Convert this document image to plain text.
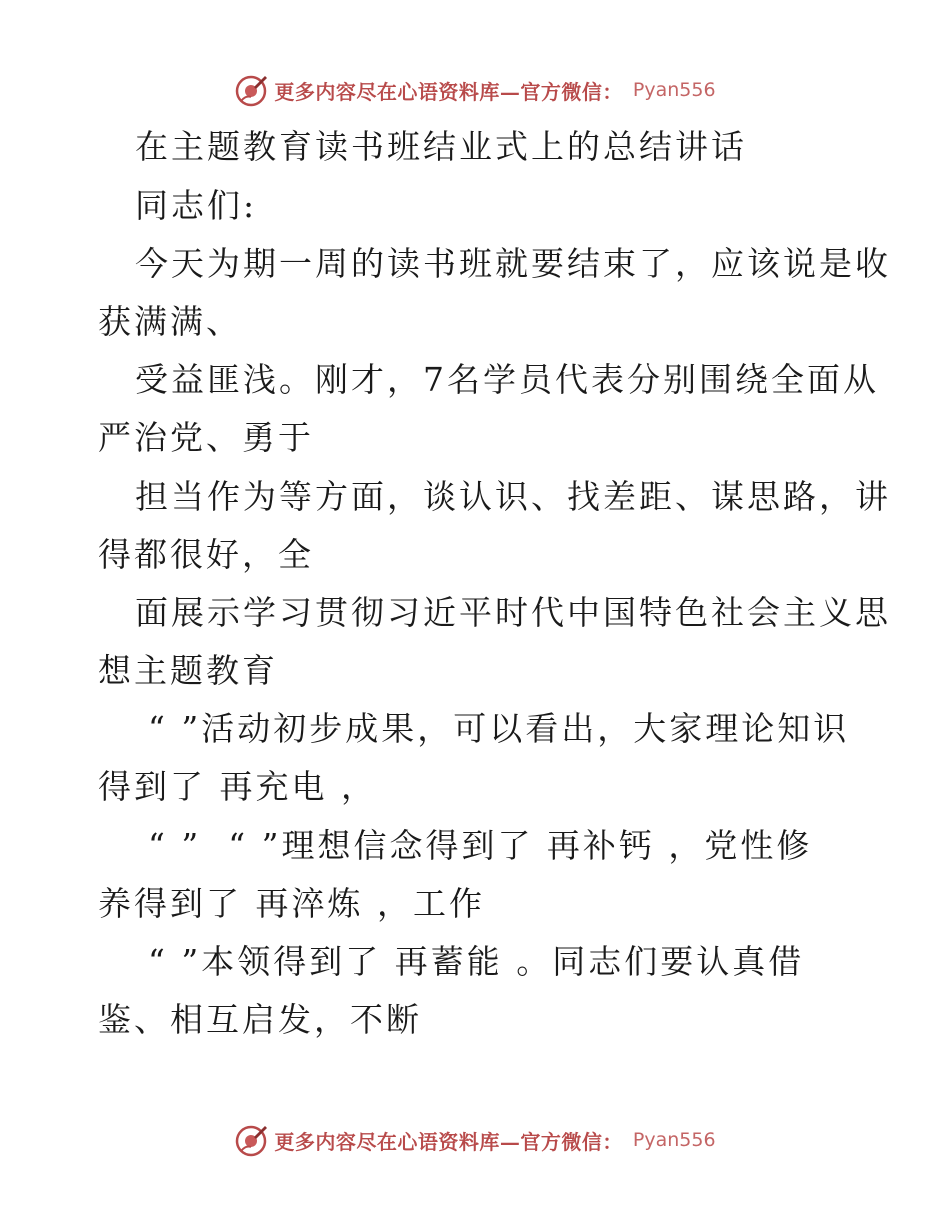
更多内容尽在心语资料库—官方微信： Pyan556
在主题教育读书班结业式上的总结讲话
同志们:
今天为期一周的读书班就要结束了，应该说是收
获满满、
受益匪浅。刚才，7名学员代表分别围绕全面从
严治党、勇于
担当作为等方面，谈认识、找差距、谋思路，讲
得都很好，全
面展示学习贯彻习近平时代中国特色社会主义思
想主题教育
“ ”活动初步成果，可以看出，大家理论知识
得到了 再充电 ，
“ ”  “ ”理想信念得到了 再补钙 ，党性修
养得到了 再淬炼 ，工作
“ ”本领得到了 再蓄能 。同志们要认真借
鉴、相互启发，不断
更多内容尽在心语资料库—官方微信： Pyan556
